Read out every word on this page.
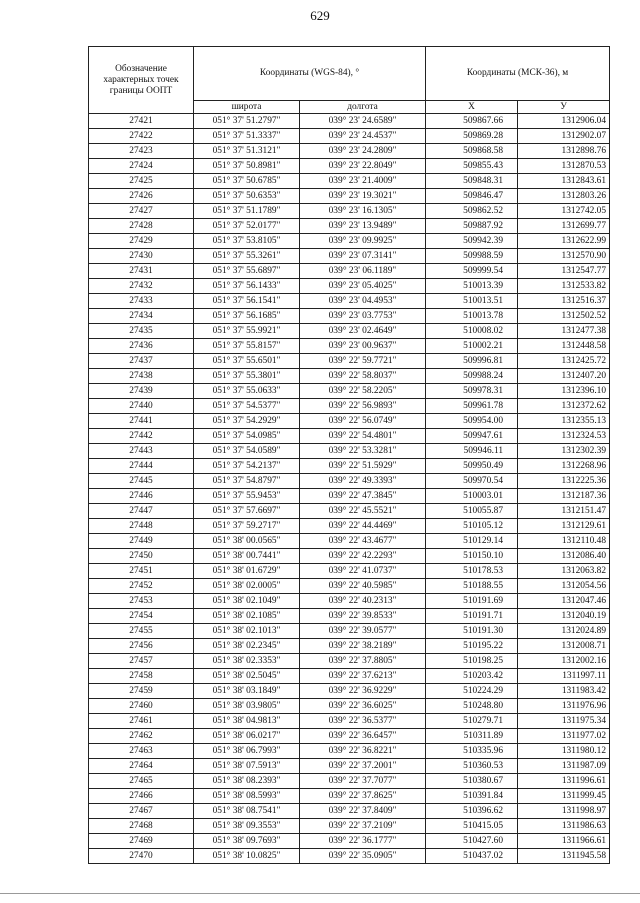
629
Обозначение характерных точек границы ООПТ	Координаты (WGS-84), °		Координаты (МСК-36), м	
	широта	долгота	X	У
27421	051° 37' 51.2797"	039° 23' 24.6589"	509867.66	1312906.04
27422	051° 37' 51.3337"	039° 23' 24.4537"	509869.28	1312902.07
27423	051° 37' 51.3121"	039° 23' 24.2809"	509868.58	1312898.76
27424	051° 37' 50.8981"	039° 23' 22.8049"	509855.43	1312870.53
27425	051° 37' 50.6785"	039° 23' 21.4009"	509848.31	1312843.61
27426	051° 37' 50.6353"	039° 23' 19.3021"	509846.47	1312803.26
27427	051° 37' 51.1789"	039° 23' 16.1305"	509862.52	1312742.05
27428	051° 37' 52.0177"	039° 23' 13.9489"	509887.92	1312699.77
27429	051° 37' 53.8105"	039° 23' 09.9925"	509942.39	1312622.99
27430	051° 37' 55.3261"	039° 23' 07.3141"	509988.59	1312570.90
27431	051° 37' 55.6897"	039° 23' 06.1189"	509999.54	1312547.77
27432	051° 37' 56.1433"	039° 23' 05.4025"	510013.39	1312533.82
27433	051° 37' 56.1541"	039° 23' 04.4953"	510013.51	1312516.37
27434	051° 37' 56.1685"	039° 23' 03.7753"	510013.78	1312502.52
27435	051° 37' 55.9921"	039° 23' 02.4649"	510008.02	1312477.38
27436	051° 37' 55.8157"	039° 23' 00.9637"	510002.21	1312448.58
27437	051° 37' 55.6501"	039° 22' 59.7721"	509996.81	1312425.72
27438	051° 37' 55.3801"	039° 22' 58.8037"	509988.24	1312407.20
27439	051° 37' 55.0633"	039° 22' 58.2205"	509978.31	1312396.10
27440	051° 37' 54.5377"	039° 22' 56.9893"	509961.78	1312372.62
27441	051° 37' 54.2929"	039° 22' 56.0749"	509954.00	1312355.13
27442	051° 37' 54.0985"	039° 22' 54.4801"	509947.61	1312324.53
27443	051° 37' 54.0589"	039° 22' 53.3281"	509946.11	1312302.39
27444	051° 37' 54.2137"	039° 22' 51.5929"	509950.49	1312268.96
27445	051° 37' 54.8797"	039° 22' 49.3393"	509970.54	1312225.36
27446	051° 37' 55.9453"	039° 22' 47.3845"	510003.01	1312187.36
27447	051° 37' 57.6697"	039° 22' 45.5521"	510055.87	1312151.47
27448	051° 37' 59.2717"	039° 22' 44.4469"	510105.12	1312129.61
27449	051° 38' 00.0565"	039° 22' 43.4677"	510129.14	1312110.48
27450	051° 38' 00.7441"	039° 22' 42.2293"	510150.10	1312086.40
27451	051° 38' 01.6729"	039° 22' 41.0737"	510178.53	1312063.82
27452	051° 38' 02.0005"	039° 22' 40.5985"	510188.55	1312054.56
27453	051° 38' 02.1049"	039° 22' 40.2313"	510191.69	1312047.46
27454	051° 38' 02.1085"	039° 22' 39.8533"	510191.71	1312040.19
27455	051° 38' 02.1013"	039° 22' 39.0577"	510191.30	1312024.89
27456	051° 38' 02.2345"	039° 22' 38.2189"	510195.22	1312008.71
27457	051° 38' 02.3353"	039° 22' 37.8805"	510198.25	1312002.16
27458	051° 38' 02.5045"	039° 22' 37.6213"	510203.42	1311997.11
27459	051° 38' 03.1849"	039° 22' 36.9229"	510224.29	1311983.42
27460	051° 38' 03.9805"	039° 22' 36.6025"	510248.80	1311976.96
27461	051° 38' 04.9813"	039° 22' 36.5377"	510279.71	1311975.34
27462	051° 38' 06.0217"	039° 22' 36.6457"	510311.89	1311977.02
27463	051° 38' 06.7993"	039° 22' 36.8221"	510335.96	1311980.12
27464	051° 38' 07.5913"	039° 22' 37.2001"	510360.53	1311987.09
27465	051° 38' 08.2393"	039° 22' 37.7077"	510380.67	1311996.61
27466	051° 38' 08.5993"	039° 22' 37.8625"	510391.84	1311999.45
27467	051° 38' 08.7541"	039° 22' 37.8409"	510396.62	1311998.97
27468	051° 38' 09.3553"	039° 22' 37.2109"	510415.05	1311986.63
27469	051° 38' 09.7693"	039° 22' 36.1777"	510427.60	1311966.61
27470	051° 38' 10.0825"	039° 22' 35.0905"	510437.02	1311945.58
